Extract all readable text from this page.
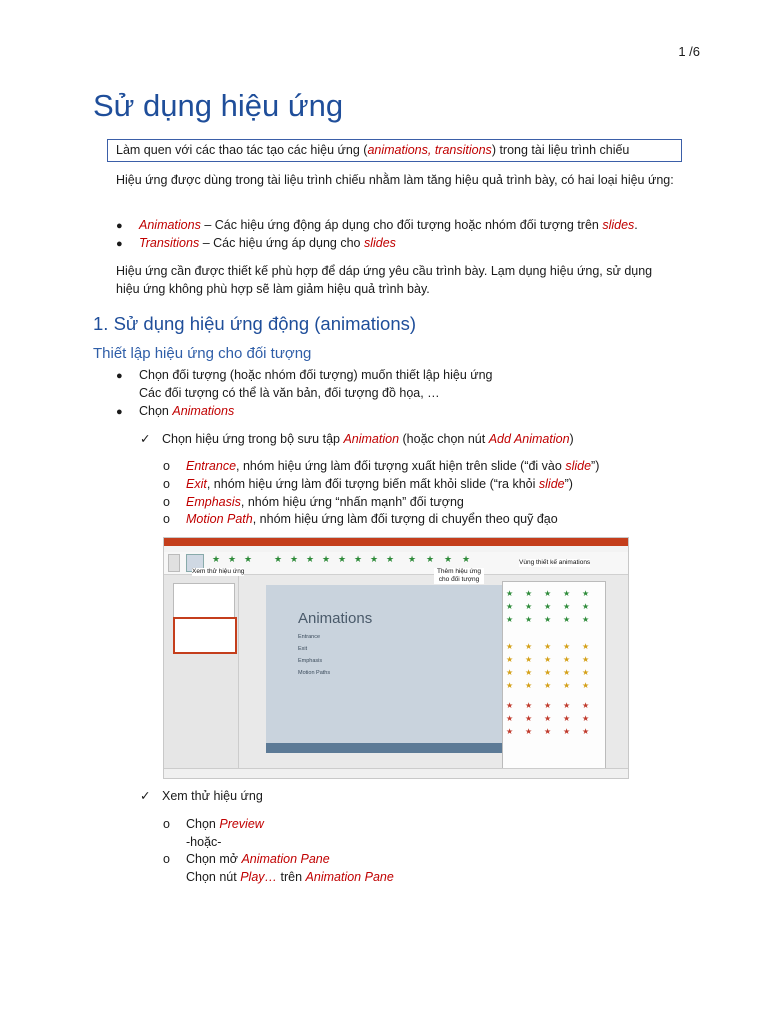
1 /6
Sử dụng hiệu ứng
Làm quen với các thao tác tạo các hiệu ứng (animations, transitions) trong tài liệu trình chiếu

Hiệu ứng được dùng trong tài liệu trình chiếu nhằm làm tăng hiệu quả trình bày, có hai loại hiệu ứng:

● Animations – Các hiệu ứng động áp dụng cho đối tượng hoặc nhóm đối tượng trên slides.
● Transitions – Các hiệu ứng áp dụng cho slides

Hiệu ứng cần được thiết kế phù hợp để dáp ứng yêu cầu trình bày. Lạm dụng hiệu ứng, sử dụng hiệu ứng không phù hợp sẽ làm giảm hiệu quả trình bày.

1. Sử dụng hiệu ứng động (animations)
Thiết lập hiệu ứng cho đối tượng
● Chọn đối tượng (hoặc nhóm đối tượng) muốn thiết lập hiệu ứng
Các đối tượng có thể là văn bản, đối tượng đồ họa, …
● Chọn Animations
✓ Chọn hiệu ứng trong bộ sưu tập Animation (hoặc chọn nút Add Animation)
o Entrance, nhóm hiệu ứng làm đối tượng xuất hiện trên slide (“đi vào slide”)
o Exit, nhóm hiệu ứng làm đối tượng biến mất khỏi slide (“ra khỏi slide”)
o Emphasis, nhóm hiệu ứng “nhấn mạnh” đối tượng
o Motion Path, nhóm hiệu ứng làm đối tượng di chuyển theo quỹ đạo
★ ★ ★ ★ ★ ★ ★ ★ ★ ★ ★ ★ ★ ★ ★
Animations
Entrance
Exit
Emphasis
Motion Paths
Xem thử hiệu ứng	Thêm hiệu ứng cho đối tượng
Vùng thiết kế animations
★ ★ ★ ★ ★
★ ★ ★ ★ ★
★ ★ ★ ★ ★
★ ★ ★ ★ ★
★ ★ ★ ★ ★
★ ★ ★ ★ ★
★ ★ ★ ★ ★
★ ★ ★ ★ ★
★ ★ ★ ★ ★
★ ★ ★ ★ ★
✓ Xem thử hiệu ứng
o Chọn Preview
-hoặc-
o Chọn mở Animation Pane
Chọn nút Play… trên Animation Pane
